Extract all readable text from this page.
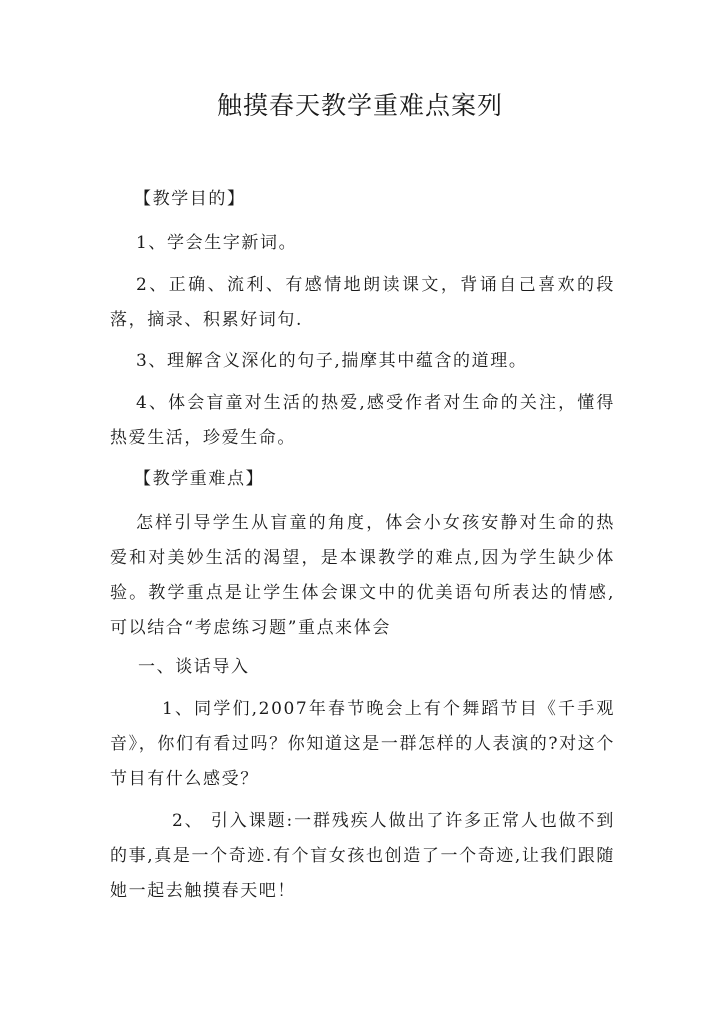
触摸春天教学重难点案列
【教学目的】

1、学会生字新词。

2、正确、流利、有感情地朗读课文，背诵自己喜欢的段落，摘录、积累好词句.

3、理解含义深化的句子,揣摩其中蕴含的道理。

4、体会盲童对生活的热爱,感受作者对生命的关注，懂得热爱生活，珍爱生命。

【教学重难点】

怎样引导学生从盲童的角度，体会小女孩安静对生命的热爱和对美妙生活的渴望，是本课教学的难点,因为学生缺少体验。教学重点是让学生体会课文中的优美语句所表达的情感,可以结合“考虑练习题”重点来体会

一、谈话导入

1、同学们,2007年春节晚会上有个舞蹈节目《千手观音》，你们有看过吗？你知道这是一群怎样的人表演的?对这个节目有什么感受？

2、 引入课题:一群残疾人做出了许多正常人也做不到的事,真是一个奇迹.有个盲女孩也创造了一个奇迹,让我们跟随她一起去触摸春天吧！
